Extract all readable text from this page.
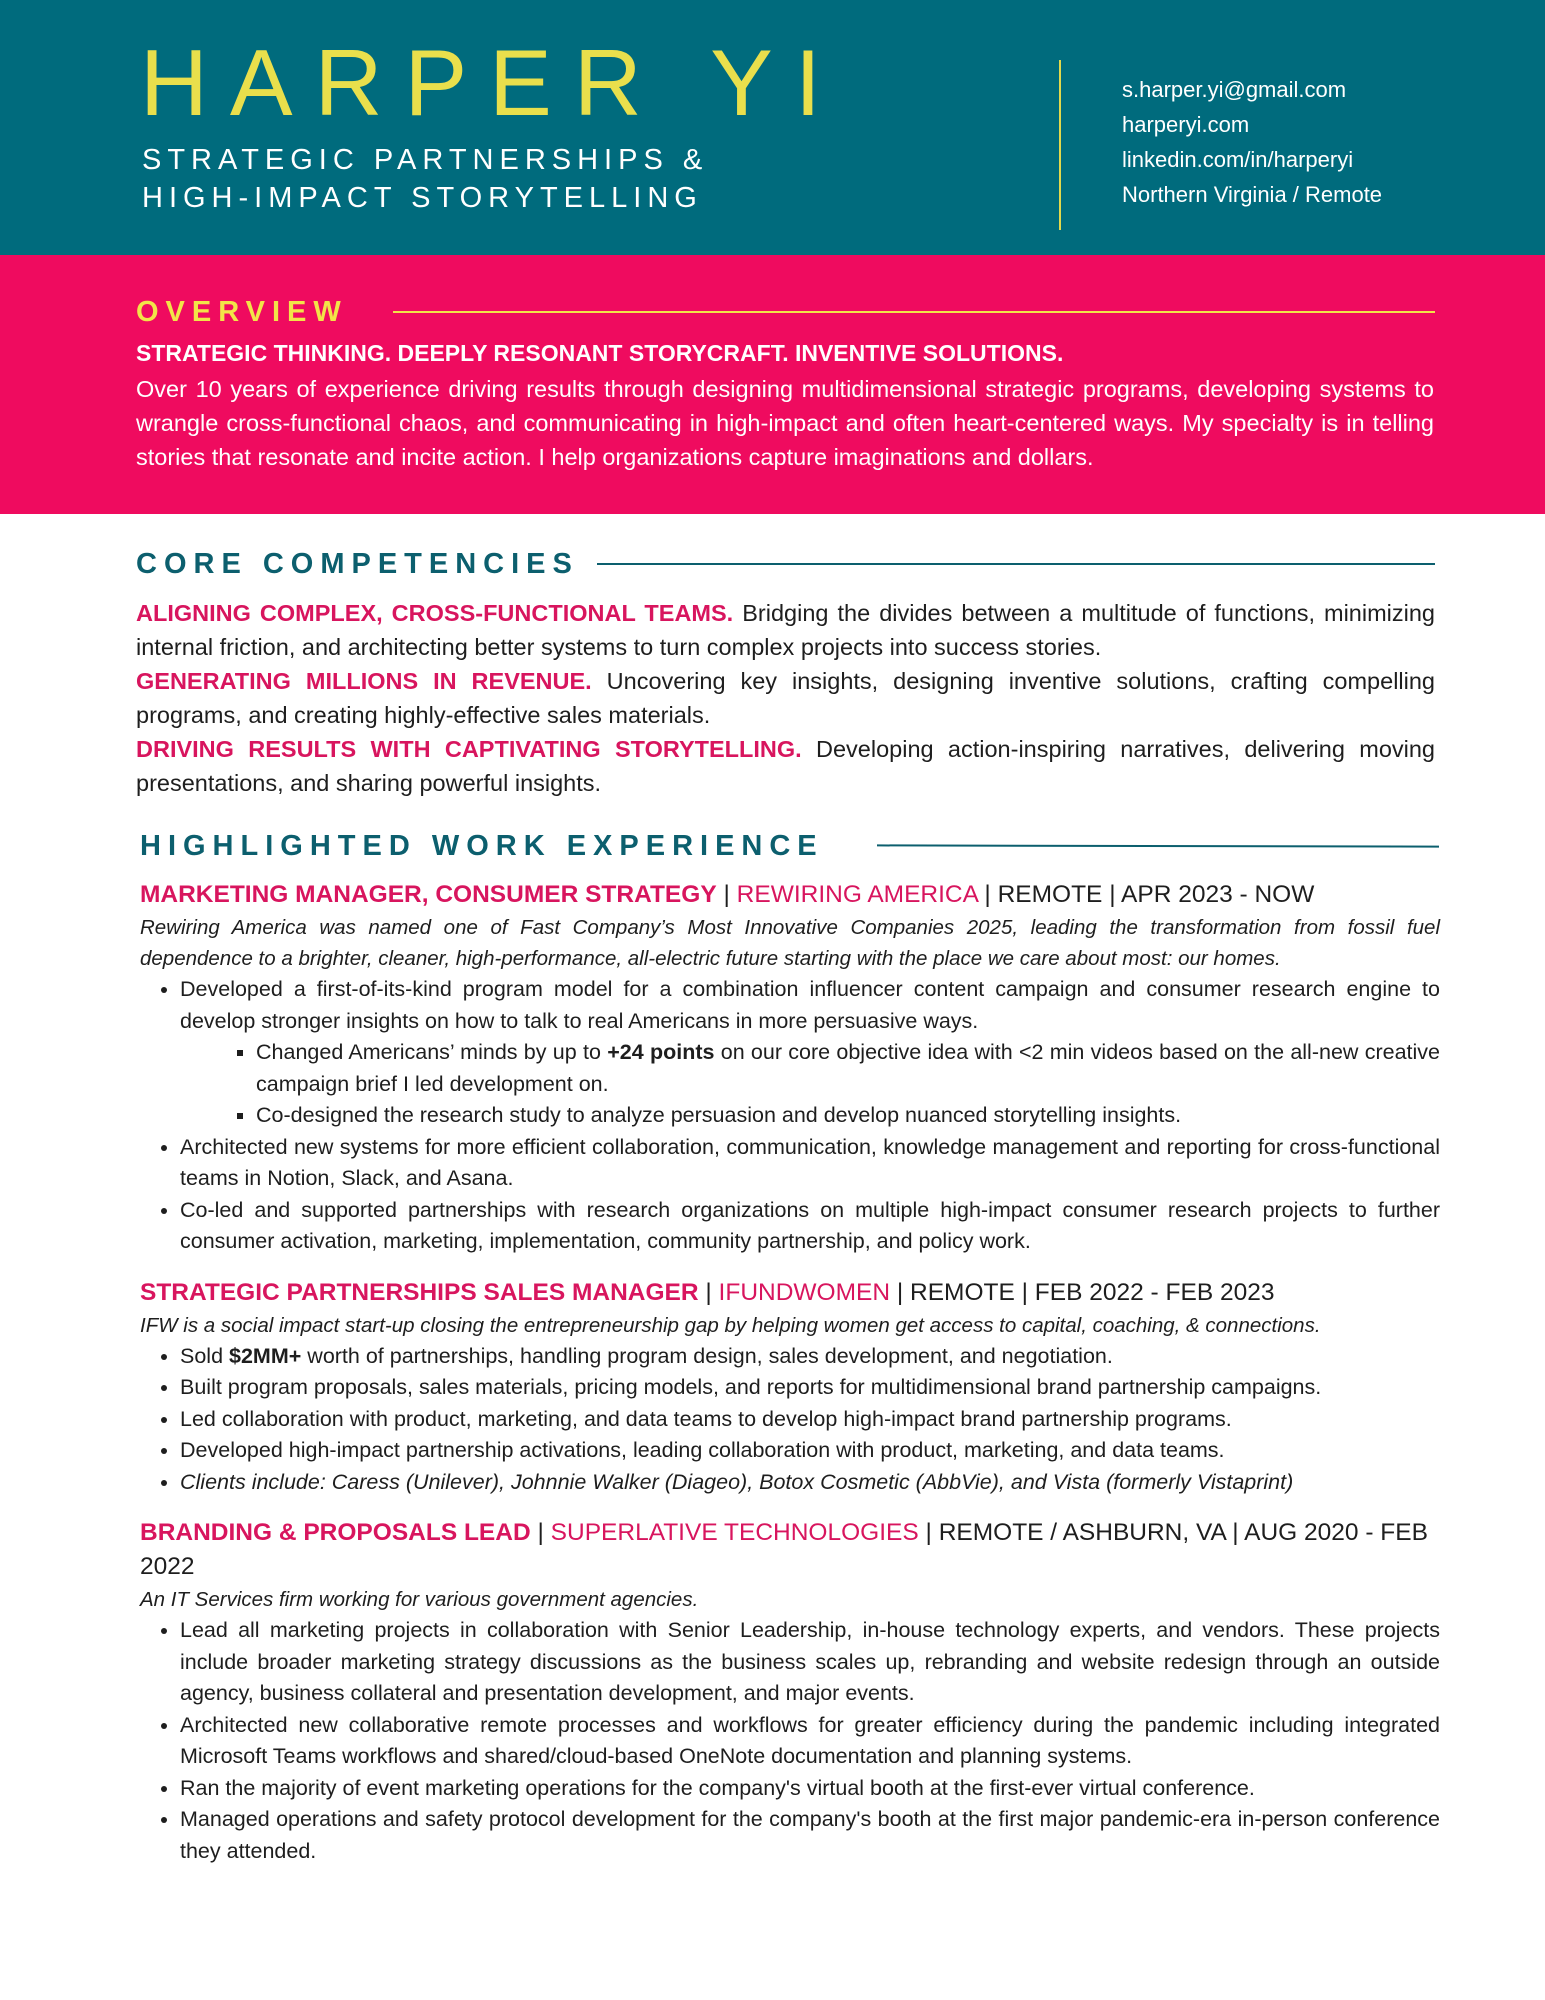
HARPER YI
STRATEGIC PARTNERSHIPS &
HIGH-IMPACT STORYTELLING
s.harper.yi@gmail.com
harperyi.com
linkedin.com/in/harperyi
Northern Virginia / Remote
OVERVIEW
STRATEGIC THINKING. DEEPLY RESONANT STORYCRAFT. INVENTIVE SOLUTIONS.
Over 10 years of experience driving results through designing multidimensional strategic programs, developing systems to wrangle cross-functional chaos, and communicating in high-impact and often heart-centered ways. My specialty is in telling stories that resonate and incite action. I help organizations capture imaginations and dollars.
CORE COMPETENCIES
ALIGNING COMPLEX, CROSS-FUNCTIONAL TEAMS. Bridging the divides between a multitude of functions, minimizing internal friction, and architecting better systems to turn complex projects into success stories.
GENERATING MILLIONS IN REVENUE. Uncovering key insights, designing inventive solutions, crafting compelling programs, and creating highly-effective sales materials.
DRIVING RESULTS WITH CAPTIVATING STORYTELLING. Developing action-inspiring narratives, delivering moving presentations, and sharing powerful insights.
HIGHLIGHTED WORK EXPERIENCE
MARKETING MANAGER, CONSUMER STRATEGY | REWIRING AMERICA | REMOTE | APR 2023 - NOW
Rewiring America was named one of Fast Company’s Most Innovative Companies 2025, leading the transformation from fossil fuel dependence to a brighter, cleaner, high-performance, all-electric future starting with the place we care about most: our homes.
• Developed a first-of-its-kind program model for a combination influencer content campaign and consumer research engine to develop stronger insights on how to talk to real Americans in more persuasive ways.
▪ Changed Americans’ minds by up to +24 points on our core objective idea with <2 min videos based on the all-new creative campaign brief I led development on.
▪ Co-designed the research study to analyze persuasion and develop nuanced storytelling insights.
• Architected new systems for more efficient collaboration, communication, knowledge management and reporting for cross-functional teams in Notion, Slack, and Asana.
• Co-led and supported partnerships with research organizations on multiple high-impact consumer research projects to further consumer activation, marketing, implementation, community partnership, and policy work.
STRATEGIC PARTNERSHIPS SALES MANAGER | IFUNDWOMEN | REMOTE | FEB 2022 - FEB 2023
IFW is a social impact start-up closing the entrepreneurship gap by helping women get access to capital, coaching, & connections.
• Sold $2MM+ worth of partnerships, handling program design, sales development, and negotiation.
• Built program proposals, sales materials, pricing models, and reports for multidimensional brand partnership campaigns.
• Led collaboration with product, marketing, and data teams to develop high-impact brand partnership programs.
• Developed high-impact partnership activations, leading collaboration with product, marketing, and data teams.
• Clients include: Caress (Unilever), Johnnie Walker (Diageo), Botox Cosmetic (AbbVie), and Vista (formerly Vistaprint)
BRANDING & PROPOSALS LEAD | SUPERLATIVE TECHNOLOGIES | REMOTE / ASHBURN, VA | AUG 2020 - FEB 2022
An IT Services firm working for various government agencies.
• Lead all marketing projects in collaboration with Senior Leadership, in-house technology experts, and vendors. These projects include broader marketing strategy discussions as the business scales up, rebranding and website redesign through an outside agency, business collateral and presentation development, and major events.
• Architected new collaborative remote processes and workflows for greater efficiency during the pandemic including integrated Microsoft Teams workflows and shared/cloud-based OneNote documentation and planning systems.
• Ran the majority of event marketing operations for the company's virtual booth at the first-ever virtual conference.
• Managed operations and safety protocol development for the company's booth at the first major pandemic-era in-person conference they attended.
